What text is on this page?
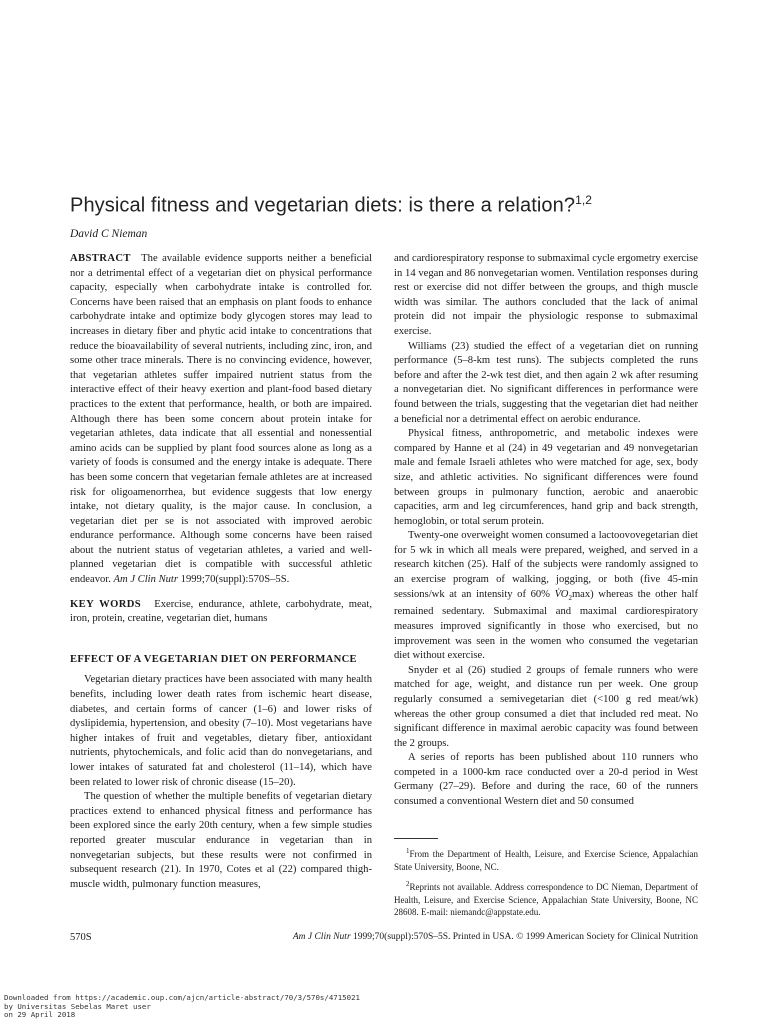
Physical fitness and vegetarian diets: is there a relation?$^{1,2}$
David C Nieman

ABSTRACT The available evidence supports neither a beneficial nor a detrimental effect of a vegetarian diet on physical performance capacity, especially when carbohydrate intake is controlled for. Concerns have been raised that an emphasis on plant foods to enhance carbohydrate intake and optimize body glycogen stores may lead to increases in dietary fiber and phytic acid intake to concentrations that reduce the bioavailability of several nutrients, including zinc, iron, and some other trace minerals. There is no convincing evidence, however, that vegetarian athletes suffer impaired nutrient status from the interactive effect of their heavy exertion and plant-food based dietary practices to the extent that performance, health, or both are impaired. Although there has been some concern about protein intake for vegetarian athletes, data indicate that all essential and nonessential amino acids can be supplied by plant food sources alone as long as a variety of foods is consumed and the energy intake is adequate. There has been some concern that vegetarian female athletes are at increased risk for oligoamenorrhea, but evidence suggests that low energy intake, not dietary quality, is the major cause. In conclusion, a vegetarian diet per se is not associated with improved aerobic endurance performance. Although some concerns have been raised about the nutrient status of vegetarian athletes, a varied and well-planned vegetarian diet is compatible with successful athletic endeavor. Am J Clin Nutr 1999;70(suppl):570S–5S.

KEY WORDS Exercise, endurance, athlete, carbohydrate, meat, iron, protein, creatine, vegetarian diet, humans

EFFECT OF A VEGETARIAN DIET ON PERFORMANCE

Vegetarian dietary practices have been associated with many health benefits, including lower death rates from ischemic heart disease, diabetes, and certain forms of cancer (1–6) and lower risks of dyslipidemia, hypertension, and obesity (7–10). Most vegetarians have higher intakes of fruit and vegetables, dietary fiber, antioxidant nutrients, phytochemicals, and folic acid than do nonvegetarians, and lower intakes of saturated fat and cholesterol (11–14), which have been related to lower risk of chronic disease (15–20).

The question of whether the multiple benefits of vegetarian dietary practices extend to enhanced physical fitness and performance has been explored since the early 20th century, when a few simple studies reported greater muscular endurance in vegetarian than in nonvegetarian subjects, but these results were not confirmed in subsequent research (21). In 1970, Cotes et al (22) compared thigh-muscle width, pulmonary function measures,

and cardiorespiratory response to submaximal cycle ergometry exercise in 14 vegan and 86 nonvegetarian women. Ventilation responses during rest or exercise did not differ between the groups, and thigh muscle width was similar. The authors concluded that the lack of animal protein did not impair the physiologic response to submaximal exercise.

Williams (23) studied the effect of a vegetarian diet on running performance (5–8-km test runs). The subjects completed the runs before and after the 2-wk test diet, and then again 2 wk after resuming a nonvegetarian diet. No significant differences in performance were found between the trials, suggesting that the vegetarian diet had neither a beneficial nor a detrimental effect on aerobic endurance.

Physical fitness, anthropometric, and metabolic indexes were compared by Hanne et al (24) in 49 vegetarian and 49 nonvegetarian male and female Israeli athletes who were matched for age, sex, body size, and athletic activities. No significant differences were found between groups in pulmonary function, aerobic and anaerobic capacities, arm and leg circumferences, hand grip and back strength, hemoglobin, or total serum protein.

Twenty-one overweight women consumed a lactoovovegetarian diet for 5 wk in which all meals were prepared, weighed, and served in a research kitchen (25). Half of the subjects were randomly assigned to an exercise program of walking, jogging, or both (five 45-min sessions/wk at an intensity of 60% $V̇O_2\max$) whereas the other half remained sedentary. Submaximal and maximal cardiorespiratory measures improved significantly in those who exercised, but no improvement was seen in the women who consumed the vegetarian diet without exercise.

Snyder et al (26) studied 2 groups of female runners who were matched for age, weight, and distance run per week. One group regularly consumed a semivegetarian diet (<100 g red meat/wk) whereas the other group consumed a diet that included red meat. No significant difference in maximal aerobic capacity was found between the 2 groups.

A series of reports has been published about 110 runners who competed in a 1000-km race conducted over a 20-d period in West Germany (27–29). Before and during the race, 60 of the runners consumed a conventional Western diet and 50 consumed

$^1$From the Department of Health, Leisure, and Exercise Science, Appalachian State University, Boone, NC.

$^2$Reprints not available. Address correspondence to DC Nieman, Department of Health, Leisure, and Exercise Science, Appalachian State University, Boone, NC 28608. E-mail: niemandc@appstate.edu.

570S	Am J Clin Nutr 1999;70(suppl):570S–5S. Printed in USA. © 1999 American Society for Clinical Nutrition
Downloaded from https://academic.oup.com/ajcn/article-abstract/70/3/570s/4715021
by Universitas Sebelas Maret user
on 29 April 2018
